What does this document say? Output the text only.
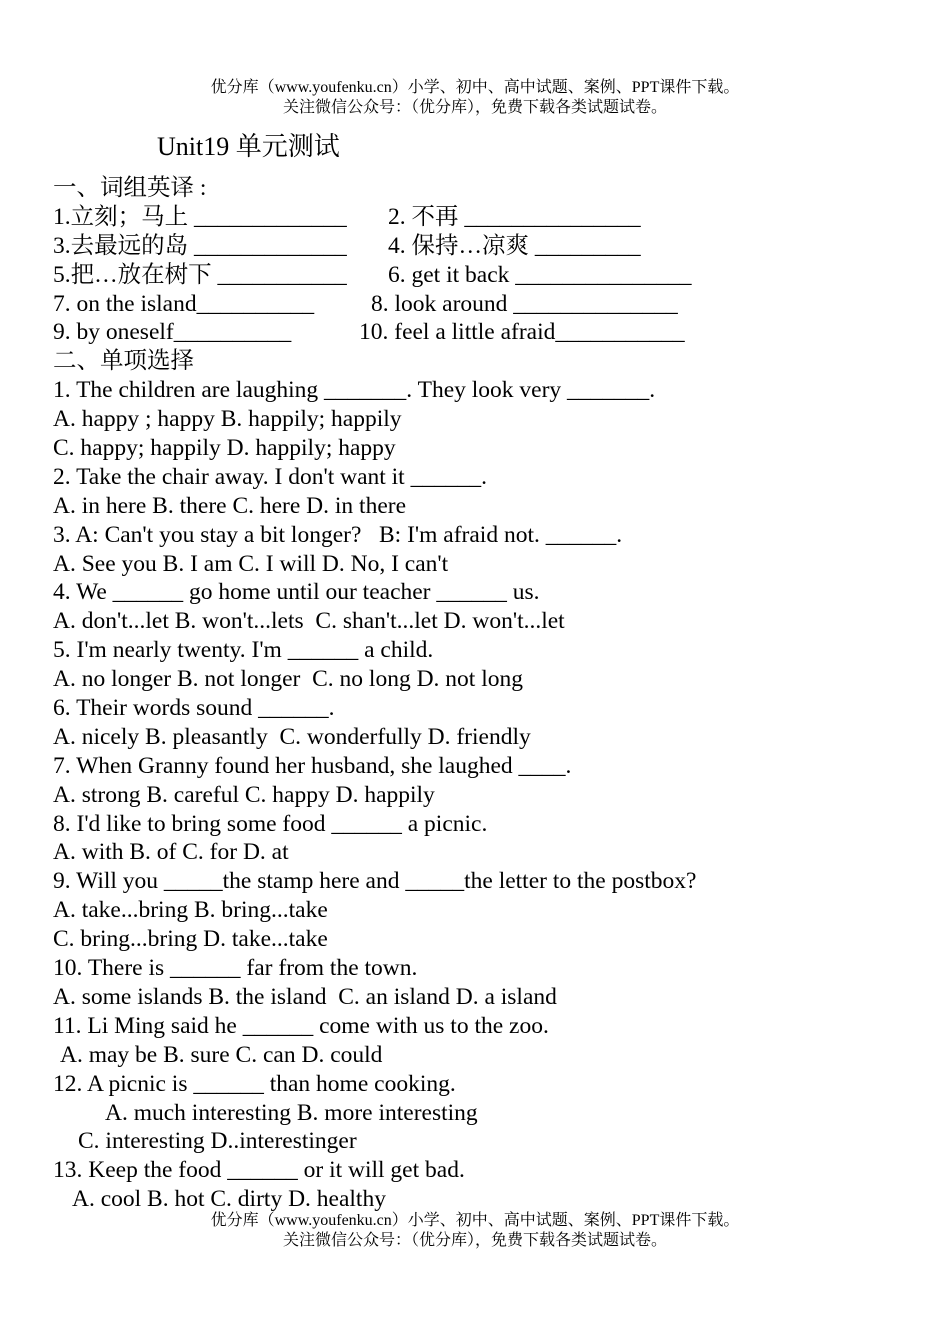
优分库（www.youfenku.cn）小学、初中、高中试题、案例、PPT课件下载。
关注微信公众号：（优分库），免费下载各类试题试卷。
Unit19 单元测试
一、词组英译 :

1.立刻；马上 _____________

2. 不再 _______________

3.去最远的岛 _____________

4. 保持…凉爽 _________

5.把…放在树下 ___________

6. get it back _______________

7. on the island__________

8. look around ______________

9. by oneself__________

	10. feel a little afraid___________

二、单项选择
1. The children are laughing _______. They look very _______.
A. happy ; happy B. happily; happily
C. happy; happily D. happily; happy
2. Take the chair away. I don't want it ______.
A. in here B. there C. here D. in there
3. A: Can't you stay a bit longer?   B: I'm afraid not. ______.
A. See you B. I am C. I will D. No, I can't
4. We ______ go home until our teacher ______ us.
A. don't...let B. won't...lets  C. shan't...let D. won't...let
5. I'm nearly twenty. I'm ______ a child.
A. no longer B. not longer  C. no long D. not long
6. Their words sound ______.
A. nicely B. pleasantly  C. wonderfully D. friendly
7. When Granny found her husband, she laughed ____.
A. strong B. careful C. happy D. happily
8. I'd like to bring some food ______ a picnic.
A. with B. of C. for D. at
9. Will you _____the stamp here and _____the letter to the postbox?
A. take...bring B. bring...take
C. bring...bring D. take...take
10. There is ______ far from the town.
A. some islands B. the island  C. an island D. a island
11. Li Ming said he ______ come with us to the zoo.
A. may be B. sure C. can D. could
12. A picnic is ______ than home cooking.
A. much interesting B. more interesting
C. interesting D..interestinger
13. Keep the food ______ or it will get bad.
A. cool B. hot C. dirty D. healthy
优分库（www.youfenku.cn）小学、初中、高中试题、案例、PPT课件下载。
关注微信公众号：（优分库），免费下载各类试题试卷。
